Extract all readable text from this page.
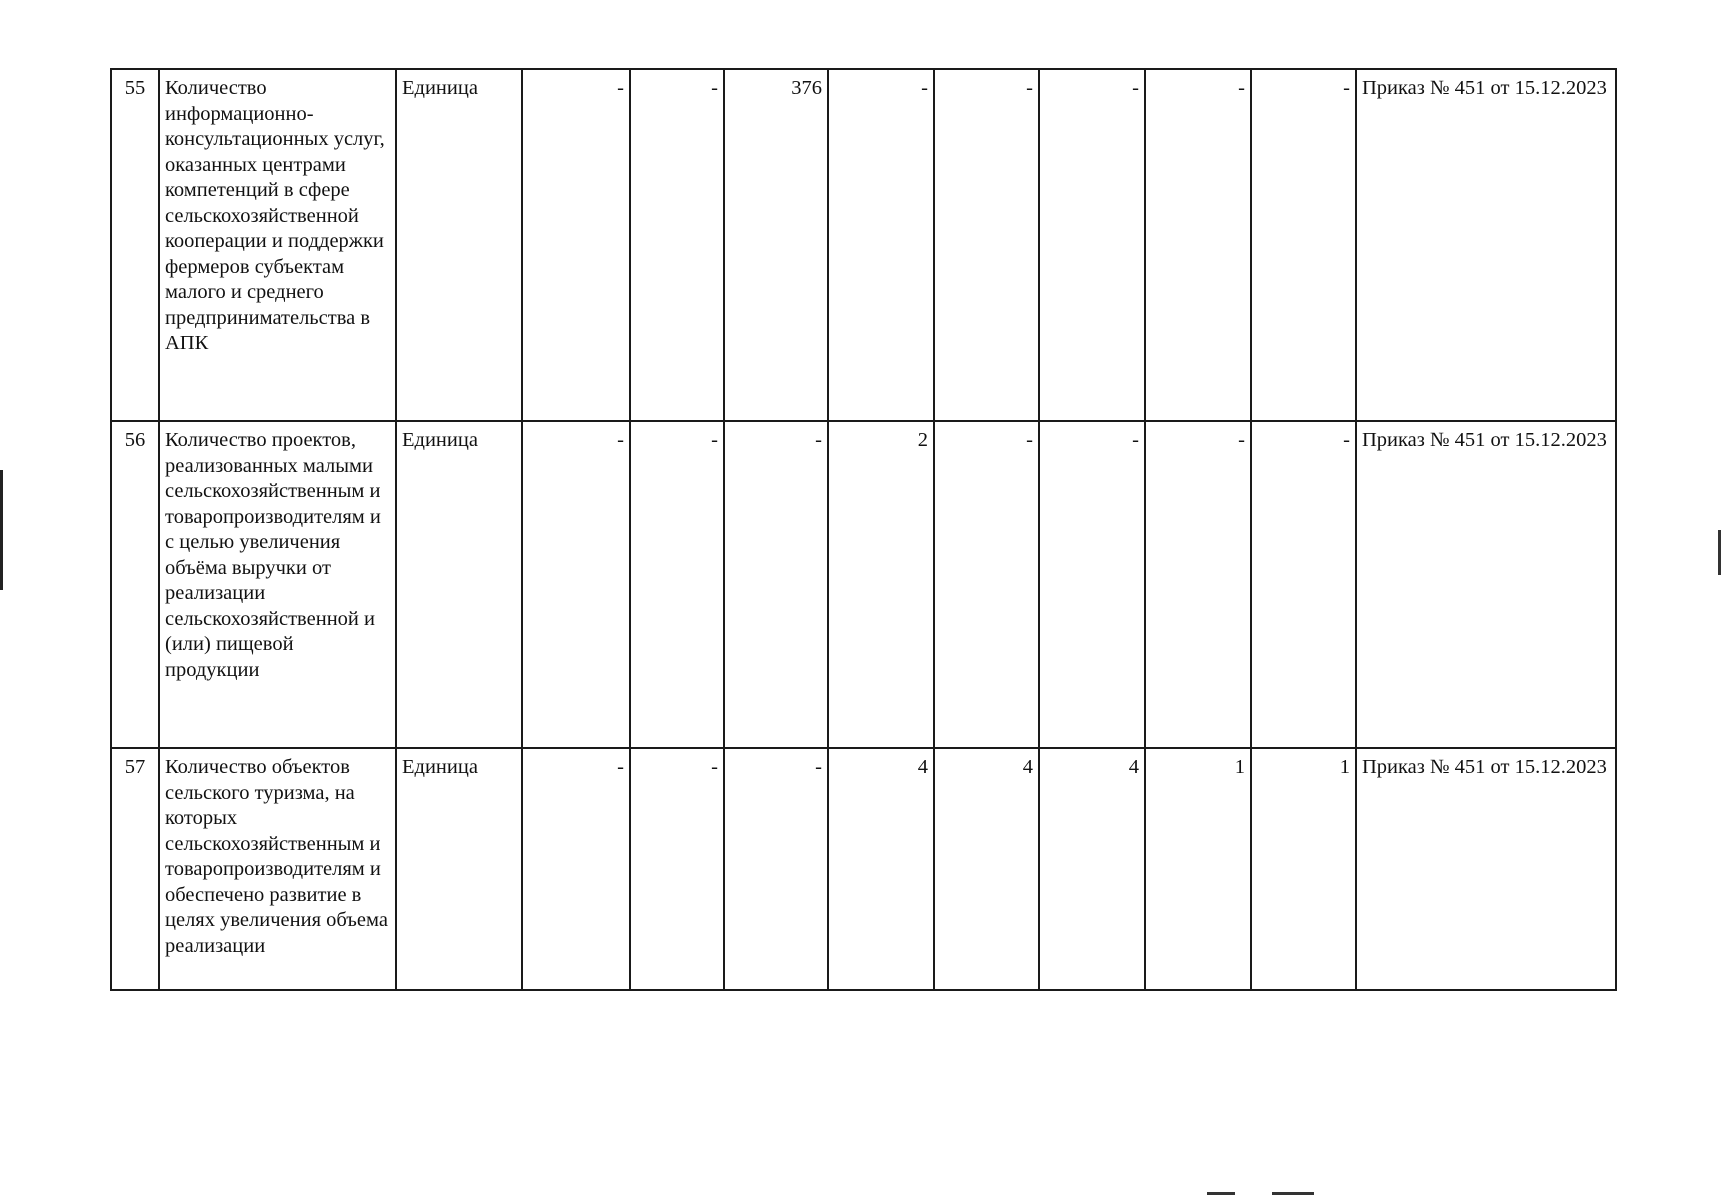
55	Количество информационно-консультационных услуг, оказанных центрами компетенций в сфере сельскохозяйственной кооперации и поддержки фермеров субъектам малого и среднего предпринимательства в АПК	Единица	-	-	376	-	-	-	-	-	Приказ № 451 от 15.12.2023
56	Количество проектов, реализованных малыми сельскохозяйственным и товаропроизводителям и с целью увеличения объёма выручки от реализации сельскохозяйственной и (или) пищевой продукции	Единица	-	-	-	2	-	-	-	-	Приказ № 451 от 15.12.2023
57	Количество объектов сельского туризма, на которых сельскохозяйственным и товаропроизводителям и обеспечено развитие в целях увеличения объема реализации	Единица	-	-	-	4	4	4	1	1	Приказ № 451 от 15.12.2023
